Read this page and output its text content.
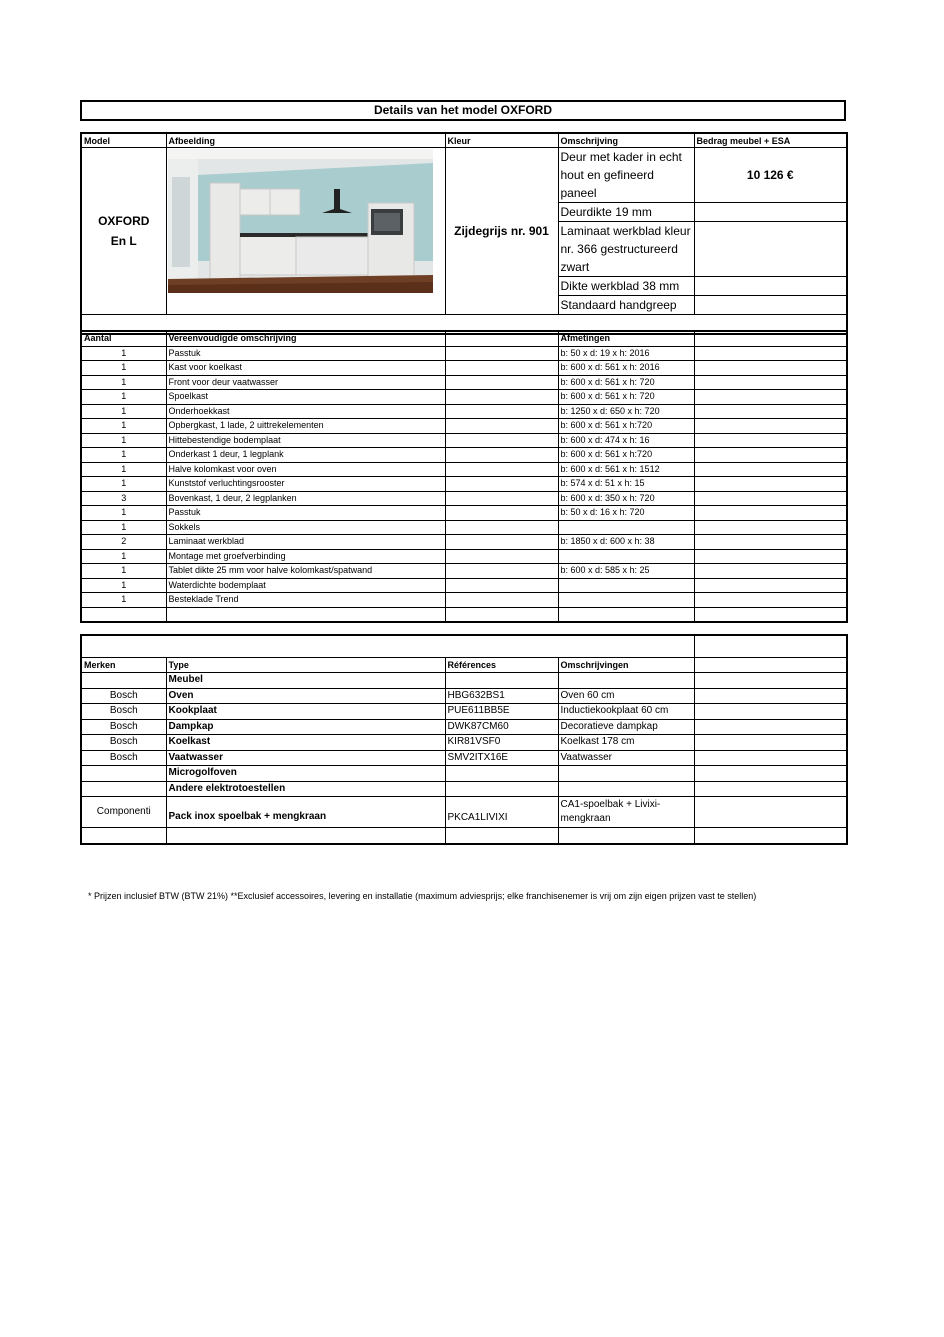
Details van het model OXFORD
Model	Afbeelding	Kleur	Omschrijving	Bedrag meubel + ESA

OXFORD
En L		Zijdegrijs nr. 901	Deur met kader in echt hout en gefineerd paneel	10 126 €
			Deurdikte 19 mm	
			Laminaat werkblad kleur nr. 366 gestructureerd zwart	
			Dikte werkblad 38 mm	
			Standaard handgreep	

Aantal	Vereenvoudigde omschrijving		Afmetingen	
1	Passtuk		b: 50 x d: 19 x h: 2016	
1	Kast voor koelkast		b: 600 x d: 561 x h: 2016	
1	Front voor deur vaatwasser		b: 600 x d: 561 x h: 720	
1	Spoelkast		b: 600 x d: 561 x h: 720	
1	Onderhoekkast		b: 1250 x d: 650 x h: 720	
1	Opbergkast, 1 lade, 2 uittrekelementen		b: 600 x d: 561 x h:720	
1	Hittebestendige bodemplaat		b: 600 x d: 474 x h: 16	
1	Onderkast 1 deur, 1 legplank		b: 600 x d: 561 x h:720	
1	Halve kolomkast voor oven		b: 600 x d: 561 x h: 1512	
1	Kunststof verluchtingsrooster		b: 574 x d: 51 x h: 15	
3	Bovenkast, 1 deur, 2 legplanken		b: 600 x d: 350 x h: 720	
1	Passtuk		b: 50 x d: 16 x h: 720	
1	Sokkels			
2	Laminaat werkblad		b: 1850 x d: 600 x h: 38	
1	Montage met groefverbinding			
1	Tablet dikte 25 mm voor halve kolomkast/spatwand		b: 600 x d: 585 x h: 25	
1	Waterdichte bodemplaat			
1	Besteklade Trend			

Merken	Type	Références	Omschrijvingen	
	Meubel			
Bosch	Oven	HBG632BS1	Oven 60 cm	
Bosch	Kookplaat	PUE611BB5E	Inductiekookplaat 60 cm	
Bosch	Dampkap	DWK87CM60	Decoratieve dampkap	
Bosch	Koelkast	KIR81VSF0	Koelkast 178 cm	
Bosch	Vaatwasser	SMV2ITX16E	Vaatwasser	
	Microgolfoven			
	Andere elektrotoestellen			
Componenti	Pack inox spoelbak + mengkraan	PKCA1LIVIXI	CA1-spoelbak + Livixi-
mengkraan	

* Prijzen inclusief BTW (BTW 21%) **Exclusief accessoires, levering en installatie (maximum adviesprijs; elke franchisenemer is vrij om zijn eigen prijzen vast te stellen)
